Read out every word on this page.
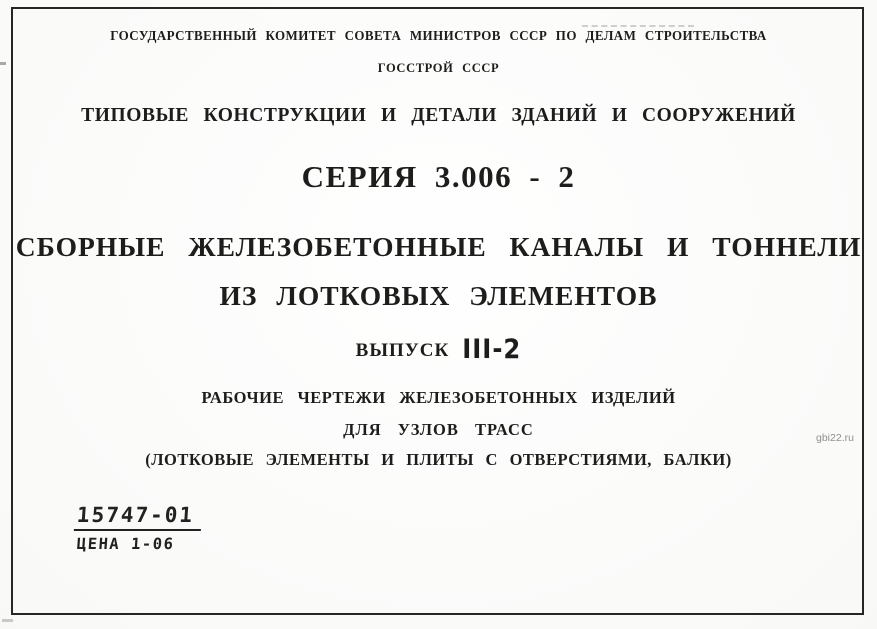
ГОСУДАРСТВЕННЫЙ КОМИТЕТ СОВЕТА МИНИСТРОВ СССР ПО ДЕЛАМ СТРОИТЕЛЬСТВА
ГОССТРОЙ СССР
ТИПОВЫЕ КОНСТРУКЦИИ И ДЕТАЛИ ЗДАНИЙ И СООРУЖЕНИЙ
СЕРИЯ 3.006 - 2
СБОРНЫЕ ЖЕЛЕЗОБЕТОННЫЕ КАНАЛЫ И ТОННЕЛИ
ИЗ ЛОТКОВЫХ ЭЛЕМЕНТОВ
ВЫПУСК III-2
РАБОЧИЕ ЧЕРТЕЖИ ЖЕЛЕЗОБЕТОННЫХ ИЗДЕЛИЙ
ДЛЯ УЗЛОВ ТРАСС
(ЛОТКОВЫЕ ЭЛЕМЕНТЫ И ПЛИТЫ С ОТВЕРСТИЯМИ, БАЛКИ)
15747-01
ЦЕНА 1-06
gbi22.ru
